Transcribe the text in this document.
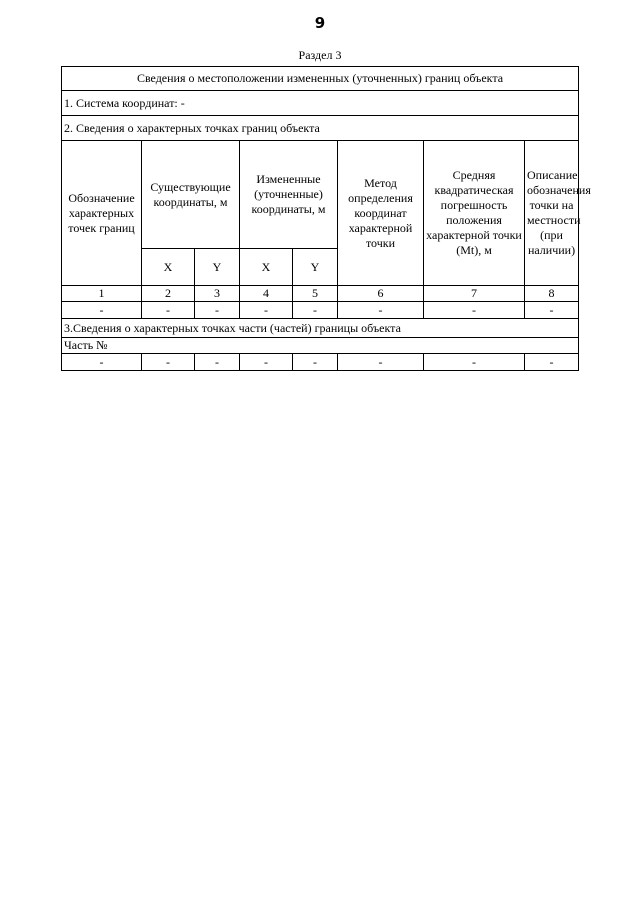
9
Раздел 3
Сведения о местоположении измененных (уточненных) границ объекта							
1. Система координат: -							
2. Сведения о характерных точках границ объекта							
Обозначение характерных точек границ	Существующие координаты, м		Измененные (уточненные) координаты, м		Метод определения координат характерной точки	Средняя квадратическая погрешность положения характерной точки (Mt), м	Описание обозначения точки на местности (при наличии)
	X	Y	X	Y			
1	2	3	4	5	6	7	8
-	-	-	-	-	-	-	-
3.Сведения о характерных точках части (частей) границы объекта							
Часть №							
-	-	-	-	-	-	-	-
